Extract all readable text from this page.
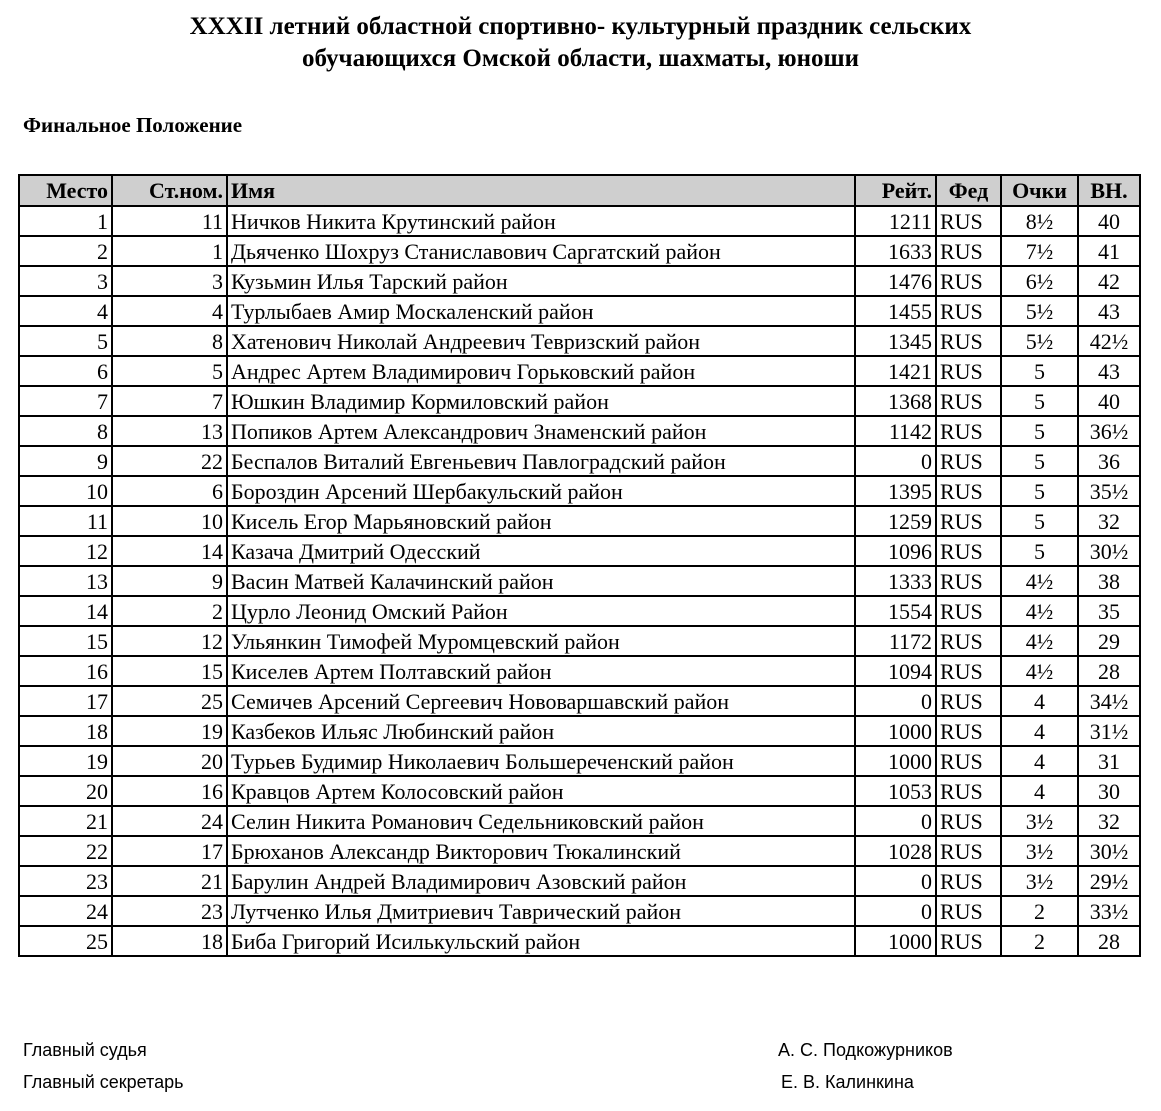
XXXII летний областной спортивно- культурный праздник сельских
обучающихся Омской области, шахматы, юноши
Финальное Положение
Место	Ст.ном.	Имя	Рейт.	Фед	Очки	ВН.
1	11	Ничков Никита Крутинский район	1211	RUS	8½	40
2	1	Дьяченко Шохруз Станиславович Саргатский район	1633	RUS	7½	41
3	3	Кузьмин Илья Тарский район	1476	RUS	6½	42
4	4	Турлыбаев Амир Москаленский район	1455	RUS	5½	43
5	8	Хатенович Николай Андреевич Тевризский район	1345	RUS	5½	42½
6	5	Андрес Артем Владимирович Горьковский район	1421	RUS	5	43
7	7	Юшкин Владимир Кормиловский район	1368	RUS	5	40
8	13	Попиков Артем Александрович Знаменский район	1142	RUS	5	36½
9	22	Беспалов Виталий Евгеньевич Павлоградский район	0	RUS	5	36
10	6	Бороздин Арсений Шербакульский район	1395	RUS	5	35½
11	10	Кисель Егор Марьяновский район	1259	RUS	5	32
12	14	Казача Дмитрий Одесский	1096	RUS	5	30½
13	9	Васин Матвей Калачинский район	1333	RUS	4½	38
14	2	Цурло Леонид Омский Район	1554	RUS	4½	35
15	12	Ульянкин Тимофей Муромцевский район	1172	RUS	4½	29
16	15	Киселев Артем Полтавский район	1094	RUS	4½	28
17	25	Семичев Арсений Сергеевич Нововаршавский район	0	RUS	4	34½
18	19	Казбеков Ильяс Любинский район	1000	RUS	4	31½
19	20	Турьев Будимир Николаевич Большереченский район	1000	RUS	4	31
20	16	Кравцов Артем Колосовский район	1053	RUS	4	30
21	24	Селин Никита Романович Седельниковский район	0	RUS	3½	32
22	17	Брюханов Александр Викторович Тюкалинский	1028	RUS	3½	30½
23	21	Барулин Андрей Владимирович Азовский район	0	RUS	3½	29½
24	23	Лутченко Илья Дмитриевич Таврический район	0	RUS	2	33½
25	18	Биба Григорий Исилькульский район	1000	RUS	2	28
Главный судья	А. С. Подкожурников
Главный секретарь	Е. В. Калинкина
